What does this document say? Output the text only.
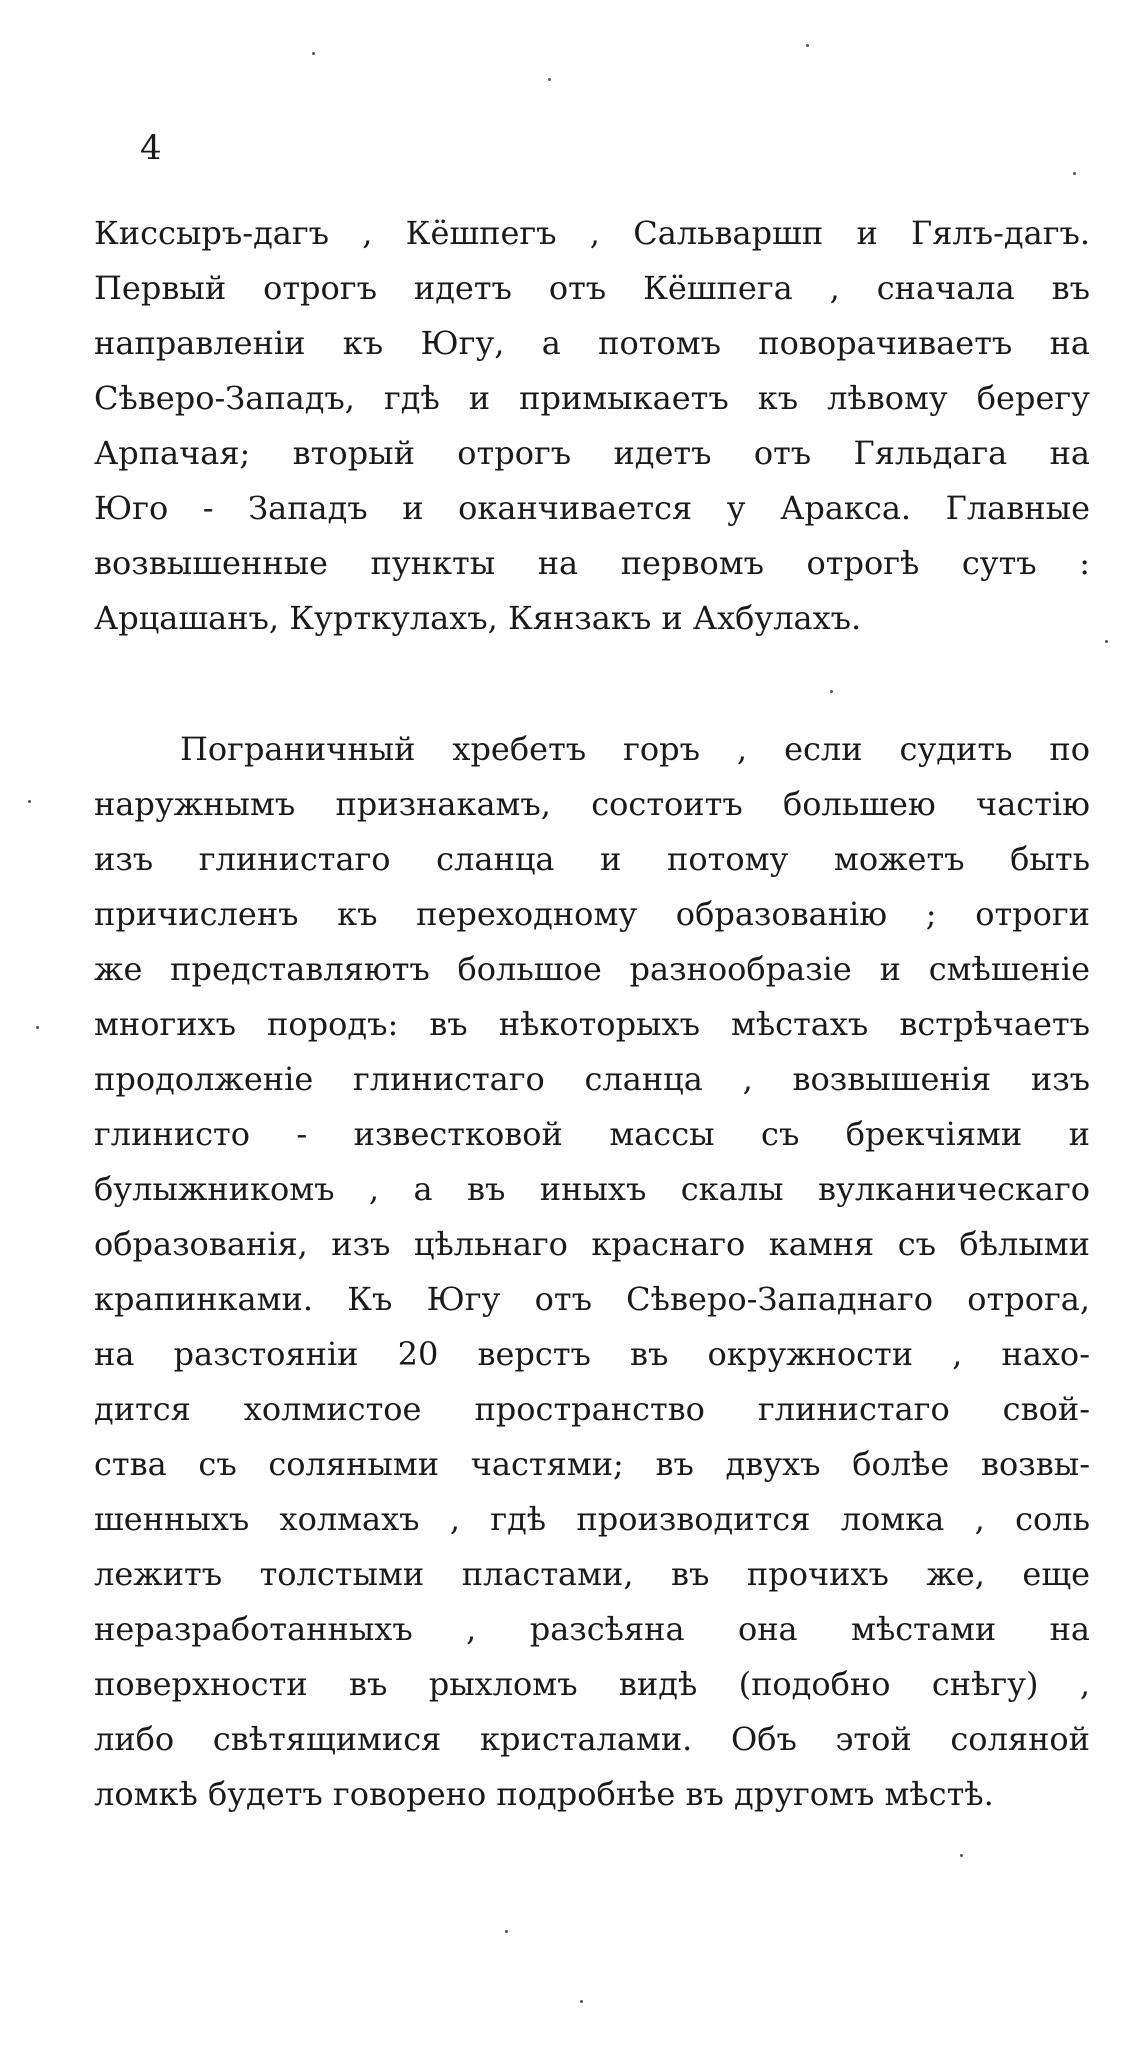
4
Киссыръ-дагъ , Кёшпегъ , Сальваршп и Гялъ-дагъ.
Первый отрогъ идетъ отъ Кёшпега , сначала въ
направленіи къ Югу, а потомъ поворачиваетъ на
Сѣверо-Западъ, гдѣ и примыкаетъ къ лѣвому берегу
Арпачая; вторый отрогъ идетъ отъ Гяльдага на
Юго - Западъ и оканчивается у Аракса. Главные
возвышенные пункты на первомъ отрогѣ сутъ :
Арцашанъ, Курткулахъ, Кянзакъ и Ахбулахъ.
Пограничный хребетъ горъ , если судить по
наружнымъ признакамъ, состоитъ большею частію
изъ глинистаго сланца и потому можетъ быть
причисленъ къ переходному образованію ; отроги
же представляютъ большое разнообразіе и смѣшеніе
многихъ породъ: въ нѣкоторыхъ мѣстахъ встрѣчаетъ
продолженіе глинистаго сланца , возвышенія изъ
глинисто - известковой массы съ брекчіями и
булыжникомъ , а въ иныхъ скалы вулканическаго
образованія, изъ цѣльнаго краснаго камня съ бѣлыми
крапинками. Къ Югу отъ Сѣверо-Западнаго отрога,
на разстояніи 20 верстъ въ окружности , нахо-
дится холмистое пространство глинистаго свой-
ства съ соляными частями; въ двухъ болѣе возвы-
шенныхъ холмахъ , гдѣ производится ломка , соль
лежитъ толстыми пластами, въ прочихъ же, еще
неразработанныхъ , разсѣяна она мѣстами на
поверхности въ рыхломъ видѣ (подобно снѣгу) ,
либо свѣтящимися кристалами. Объ этой соляной
ломкѣ будетъ говорено подробнѣе въ другомъ мѣстѣ.
